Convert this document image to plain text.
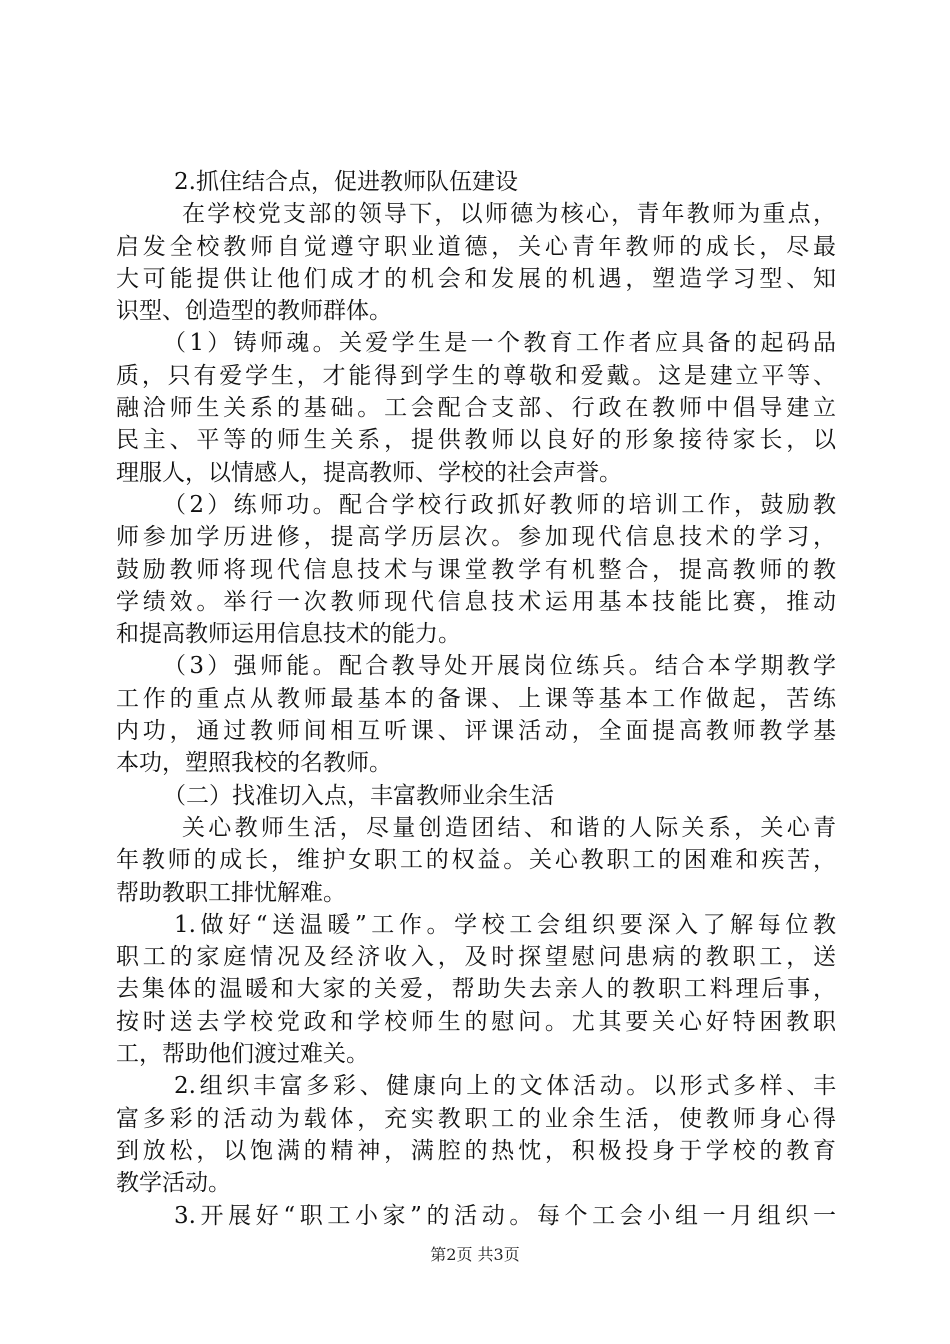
2.抓住结合点，促进教师队伍建设
在学校党支部的领导下，以师德为核心，青年教师为重点，
启发全校教师自觉遵守职业道德，关心青年教师的成长，尽最
大可能提供让他们成才的机会和发展的机遇，塑造学习型、知
识型、创造型的教师群体。
（1）铸师魂。关爱学生是一个教育工作者应具备的起码品
质，只有爱学生，才能得到学生的尊敬和爱戴。这是建立平等、
融洽师生关系的基础。工会配合支部、行政在教师中倡导建立
民主、平等的师生关系，提供教师以良好的形象接待家长，以
理服人，以情感人，提高教师、学校的社会声誉。
（2）练师功。配合学校行政抓好教师的培训工作，鼓励教
师参加学历进修，提高学历层次。参加现代信息技术的学习，
鼓励教师将现代信息技术与课堂教学有机整合，提高教师的教
学绩效。举行一次教师现代信息技术运用基本技能比赛，推动
和提高教师运用信息技术的能力。
（3）强师能。配合教导处开展岗位练兵。结合本学期教学
工作的重点从教师最基本的备课、上课等基本工作做起，苦练
内功，通过教师间相互听课、评课活动，全面提高教师教学基
本功，塑照我校的名教师。
（二）找准切入点，丰富教师业余生活
关心教师生活，尽量创造团结、和谐的人际关系，关心青
年教师的成长，维护女职工的权益。关心教职工的困难和疾苦，
帮助教职工排忧解难。
1.做好“送温暖”工作。学校工会组织要深入了解每位教
职工的家庭情况及经济收入，及时探望慰问患病的教职工，送
去集体的温暖和大家的关爱，帮助失去亲人的教职工料理后事，
按时送去学校党政和学校师生的慰问。尤其要关心好特困教职
工，帮助他们渡过难关。
2.组织丰富多彩、健康向上的文体活动。以形式多样、丰
富多彩的活动为载体，充实教职工的业余生活，使教师身心得
到放松，以饱满的精神，满腔的热忱，积极投身于学校的教育
教学活动。
3.开展好“职工小家”的活动。每个工会小组一月组织一
第2页 共3页
